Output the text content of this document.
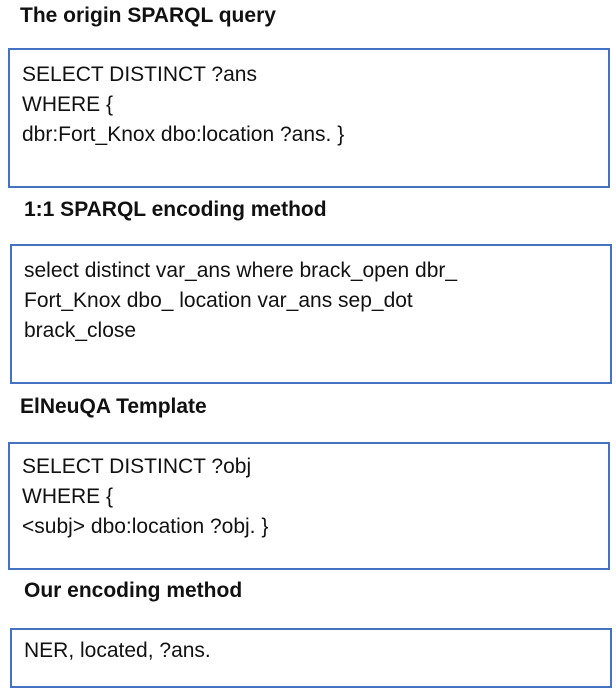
The origin SPARQL query
SELECT DISTINCT ?ans
WHERE {
dbr:Fort_Knox dbo:location ?ans. }
1:1 SPARQL encoding method
select distinct var_ans where brack_open dbr_
Fort_Knox dbo_ location var_ans sep_dot
brack_close
ElNeuQA Template
SELECT DISTINCT ?obj
WHERE {
<subj> dbo:location ?obj. }
Our encoding method
NER, located, ?ans.
